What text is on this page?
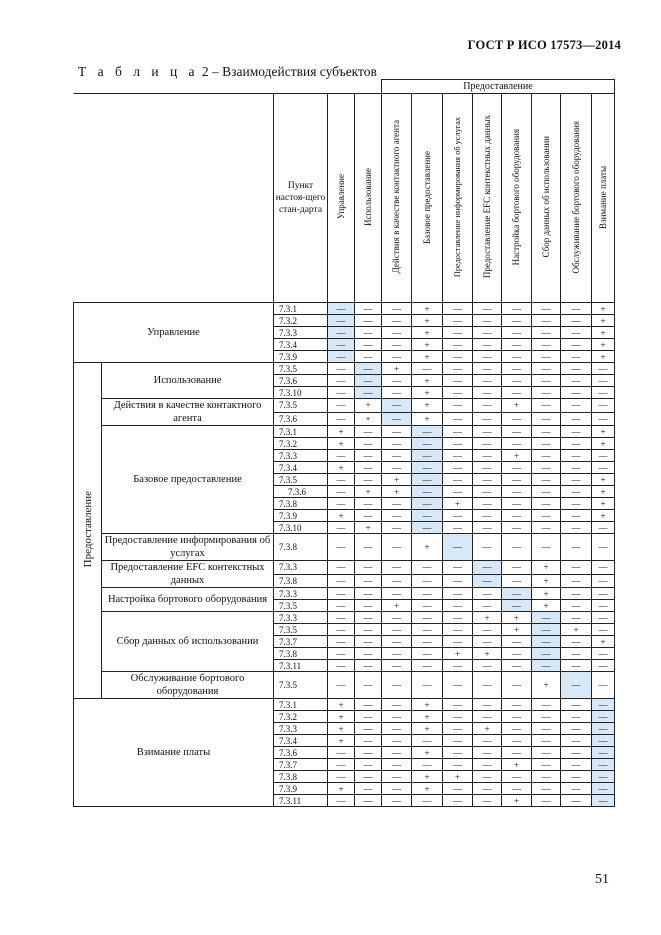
ГОСТ Р ИСО 17573—2014
Т а б л и ц а 2 – Взаимодействия субъектов
					Предоставление							
		Пункт настоя-щего стан-дарта	Управление	Использование	Действия в качестве контактного агента	Базовое предоставление	Предоставление информирования об услугах	Предоставление EFC контекстных данных	Настройка бортового оборудования	Сбор данных об использовании	Обслуживание бортового оборудования	Взимание платы
Управление		7.3.1	—	—	—	+	—	—	—	—	—	+
		7.3.2	—	—	—	+	—	—	—	—	—	+
		7.3.3	—	—	—	+	—	—	—	—	—	+
		7.3.4	—	—	—	+	—	—	—	—	—	+
		7.3.9	—	—	—	+	—	—	—	—	—	+
Предоставление	Использование	7.3.5	—	—	+	—	—	—	—	—	—	—
		7.3.6	—	—	—	+	—	—	—	—	—	—
		7.3.10	—	—	—	+	—	—	—	—	—	—
	Действия в качестве контактного агента	7.3.5	—	+	—	+	—	—	+	—	—	—
		7.3.6	—	+	—	+	—	—	—	—	—	—
	Базовое предоставление	7.3.1	+	—	—	—	—	—	—	—	—	+
		7.3.2	+	—	—	—	—	—	—	—	—	+
		7.3.3	—	—	—	—	—	—	+	—	—	—
		7.3.4	+	—	—	—	—	—	—	—	—	—
		7.3.5	—	—	+	—	—	—	—	—	—	+
		7.3.6	—	+	+	—	—	—	—	—	—	+
		7.3.8	—	—	—	—	+	—	—	—	—	+
		7.3.9	+	—	—	—	—	—	—	—	—	+
		7.3.10	—	+	—	—	—	—	—	—	—	—
	Предоставление информирования об услугах	7.3.8	—	—	—	+	—	—	—	—	—	—
	Предоставление EFC контекстных данных	7.3.3	—	—	—	—	—	—	—	+	—	—
		7.3.8	—	—	—	—	—	—	—	+	—	—
	Настройка бортового оборудования	7.3.3	—	—	—	—	—	—	—	+	—	—
		7.3.5	—	—	+	—	—	—	—	+	—	—
	Сбор данных об использовании	7.3.3	—	—	—	—	—	+	+	—	—	—
		7.3.5	—	—	—	—	—	—	+	—	+	—
		7.3.7	—	—	—	—	—	—	—	—	—	+
		7.3.8	—	—	—	—	+	+	—	—	—	—
		7.3.11	—	—	—	—	—	—	—	—	—	—
	Обслуживание бортового оборудования	7.3.5	—	—	—	—	—	—	—	+	—	—
Взимание платы		7.3.1	+	—	—	+	—	—	—	—	—	—
		7.3.2	+	—	—	+	—	—	—	—	—	—
		7.3.3	+	—	—	+	—	+	—	—	—	—
		7.3.4	+	—	—	—	—	—	—	—	—	—
		7.3.6	—	—	—	+	—	—	—	—	—	—
		7.3.7	—	—	—	—	—	—	+	—	—	—
		7.3.8	—	—	—	+	+	—	—	—	—	—
		7.3.9	+	—	—	+	—	—	—	—	—	—
		7.3.11	—	—	—	—	—	—	+	—	—	—
51
